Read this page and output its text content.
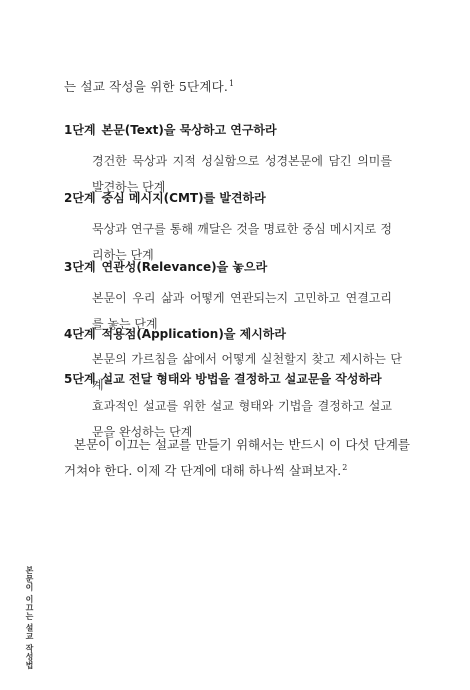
는 설교 작성을 위한 5단계다.$^1$

1단계 본문(Text)을 묵상하고 연구하라
경건한 묵상과 지적 성실함으로 성경본문에 담긴 의미를 발견하는 단계
2단계 중심 메시지(CMT)를 발견하라
묵상과 연구를 통해 깨달은 것을 명료한 중심 메시지로 정리하는 단계
3단계 연관성(Relevance)을 놓으라
본문이 우리 삶과 어떻게 연관되는지 고민하고 연결고리를 놓는 단계
4단계 적용점(Application)을 제시하라
본문의 가르침을 삶에서 어떻게 실천할지 찾고 제시하는 단계
5단계 설교 전달 형태와 방법을 결정하고 설교문을 작성하라
효과적인 설교를 위한 설교 형태와 기법을 결정하고 설교문을 완성하는 단계

본문이 이끄는 설교를 만들기 위해서는 반드시 이 다섯 단계를 거쳐야 한다. 이제 각 단계에 대해 하나씩 살펴보자.$^2$

본문이 이끄는 설교 작성법
